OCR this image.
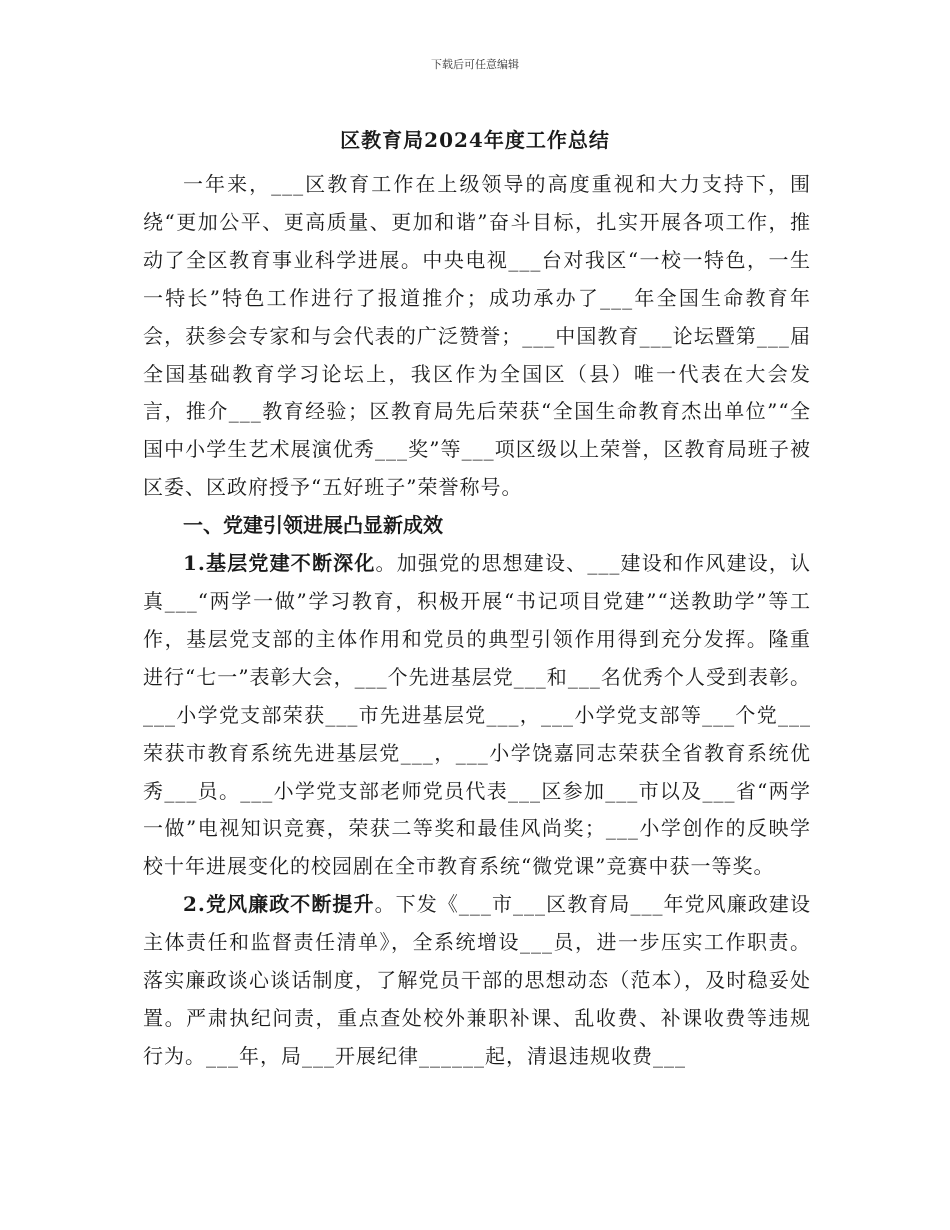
下载后可任意编辑
区教育局2024年度工作总结

一年来，___区教育工作在上级领导的高度重视和大力支持下，围绕“更加公平、更高质量、更加和谐”奋斗目标，扎实开展各项工作，推动了全区教育事业科学进展。中央电视___台对我区“一校一特色，一生一特长”特色工作进行了报道推介；成功承办了___年全国生命教育年会，获参会专家和与会代表的广泛赞誉；___中国教育___论坛暨第___届全国基础教育学习论坛上，我区作为全国区（县）唯一代表在大会发言，推介___教育经验；区教育局先后荣获“全国生命教育杰出单位”“全国中小学生艺术展演优秀___奖”等___项区级以上荣誉，区教育局班子被区委、区政府授予“五好班子”荣誉称号。

一、党建引领进展凸显新成效

1.基层党建不断深化。加强党的思想建设、___建设和作风建设，认真___“两学一做”学习教育，积极开展“书记项目党建”“送教助学”等工作，基层党支部的主体作用和党员的典型引领作用得到充分发挥。隆重进行“七一”表彰大会，___个先进基层党___和___名优秀个人受到表彰。___小学党支部荣获___市先进基层党___，___小学党支部等___个党___荣获市教育系统先进基层党___，___小学饶嘉同志荣获全省教育系统优秀___员。___小学党支部老师党员代表___区参加___市以及___省“两学一做”电视知识竞赛，荣获二等奖和最佳风尚奖；___小学创作的反映学校十年进展变化的校园剧在全市教育系统“微党课”竞赛中获一等奖。

2.党风廉政不断提升。下发《___市___区教育局___年党风廉政建设主体责任和监督责任清单》，全系统增设___员，进一步压实工作职责。落实廉政谈心谈话制度，了解党员干部的思想动态（范本），及时稳妥处置。严肃执纪问责，重点查处校外兼职补课、乱收费、补课收费等违规行为。___年，局___开展纪律______起，清退违规收费___
